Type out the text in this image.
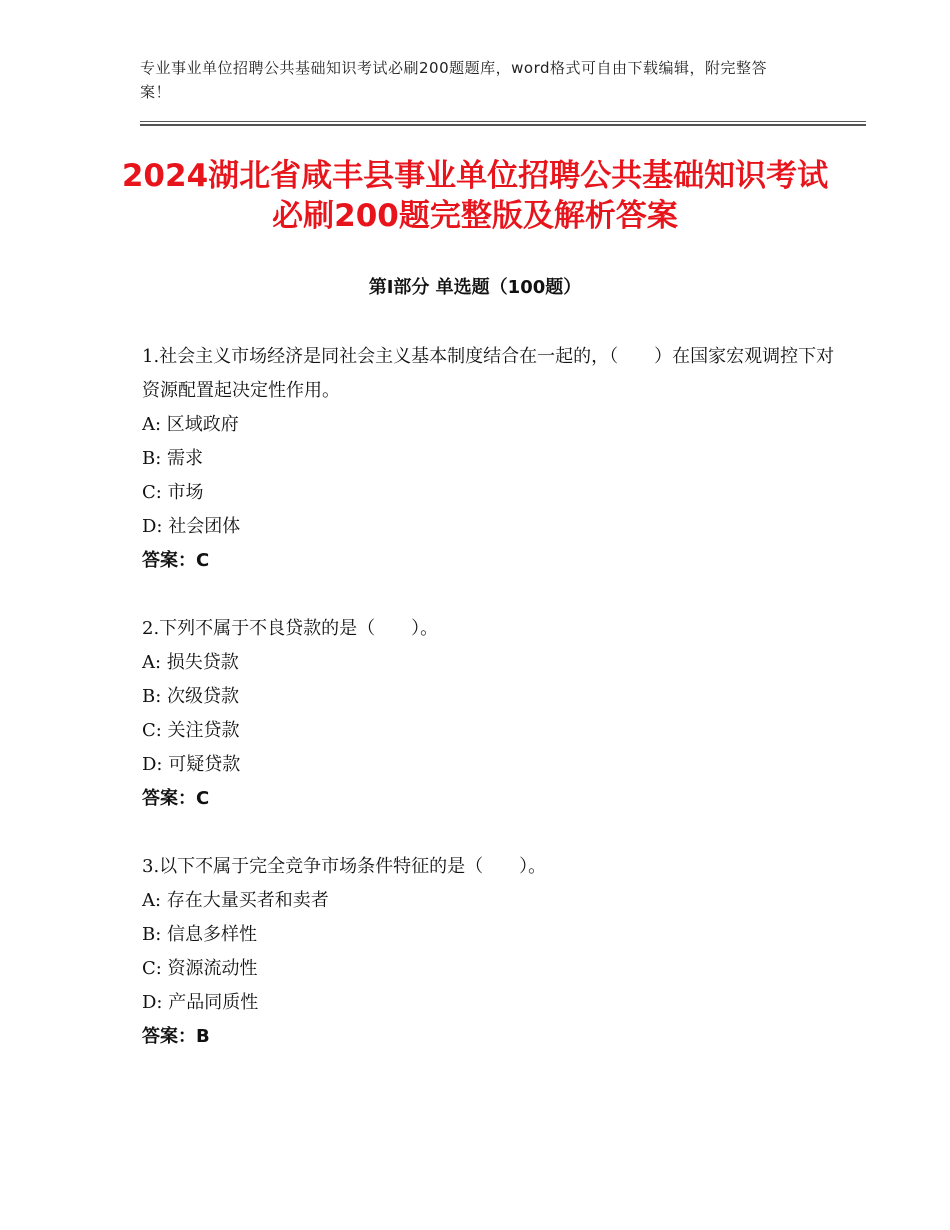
专业事业单位招聘公共基础知识考试必刷200题题库，word格式可自由下载编辑，附完整答案！
2024湖北省咸丰县事业单位招聘公共基础知识考试必刷200题完整版及解析答案
第Ⅰ部分 单选题（100题）
1.社会主义市场经济是同社会主义基本制度结合在一起的，（　　）在国家宏观调控下对资源配置起决定性作用。
A: 区域政府
B: 需求
C: 市场
D: 社会团体
答案：C
2.下列不属于不良贷款的是（　　）。
A: 损失贷款
B: 次级贷款
C: 关注贷款
D: 可疑贷款
答案：C
3.以下不属于完全竞争市场条件特征的是（　　）。
A: 存在大量买者和卖者
B: 信息多样性
C: 资源流动性
D: 产品同质性
答案：B
